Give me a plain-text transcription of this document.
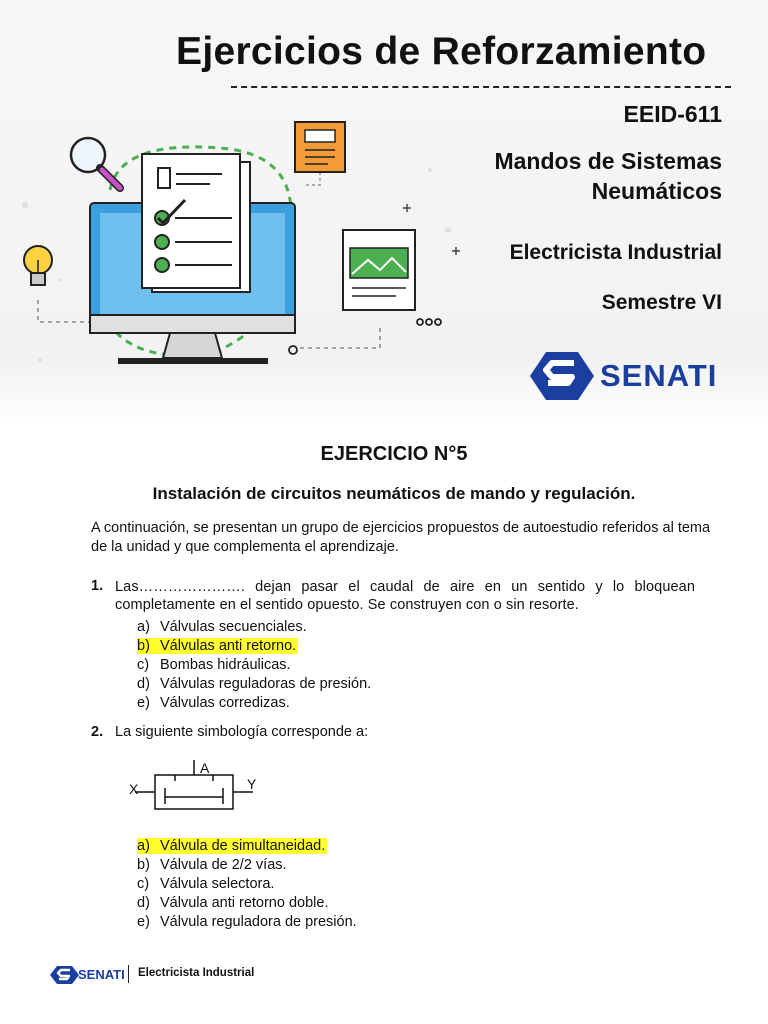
Ejercicios de Reforzamiento
EEID-611
Mandos de Sistemas
Neumáticos
Electricista Industrial
Semestre VI
SENATI
EJERCICIO N°5
Instalación de circuitos neumáticos de mando y regulación.
A continuación, se presentan un grupo de ejercicios propuestos de autoestudio referidos al tema de la unidad y que complementa el aprendizaje.
1. Las…………………. dejan pasar el caudal de aire en un sentido y lo bloquean completamente en el sentido opuesto. Se construyen con o sin resorte.
a) Válvulas secuenciales.
b) Válvulas anti retorno.
c) Bombas hidráulicas.
d) Válvulas reguladoras de presión.
e) Válvulas corredizas.
2. La siguiente simbología corresponde a:
A
X	Y
a) Válvula de simultaneidad.
b) Válvula de 2/2 vías.
c) Válvula selectora.
d) Válvula anti retorno doble.
e) Válvula reguladora de presión.
SENATI Electricista Industrial
